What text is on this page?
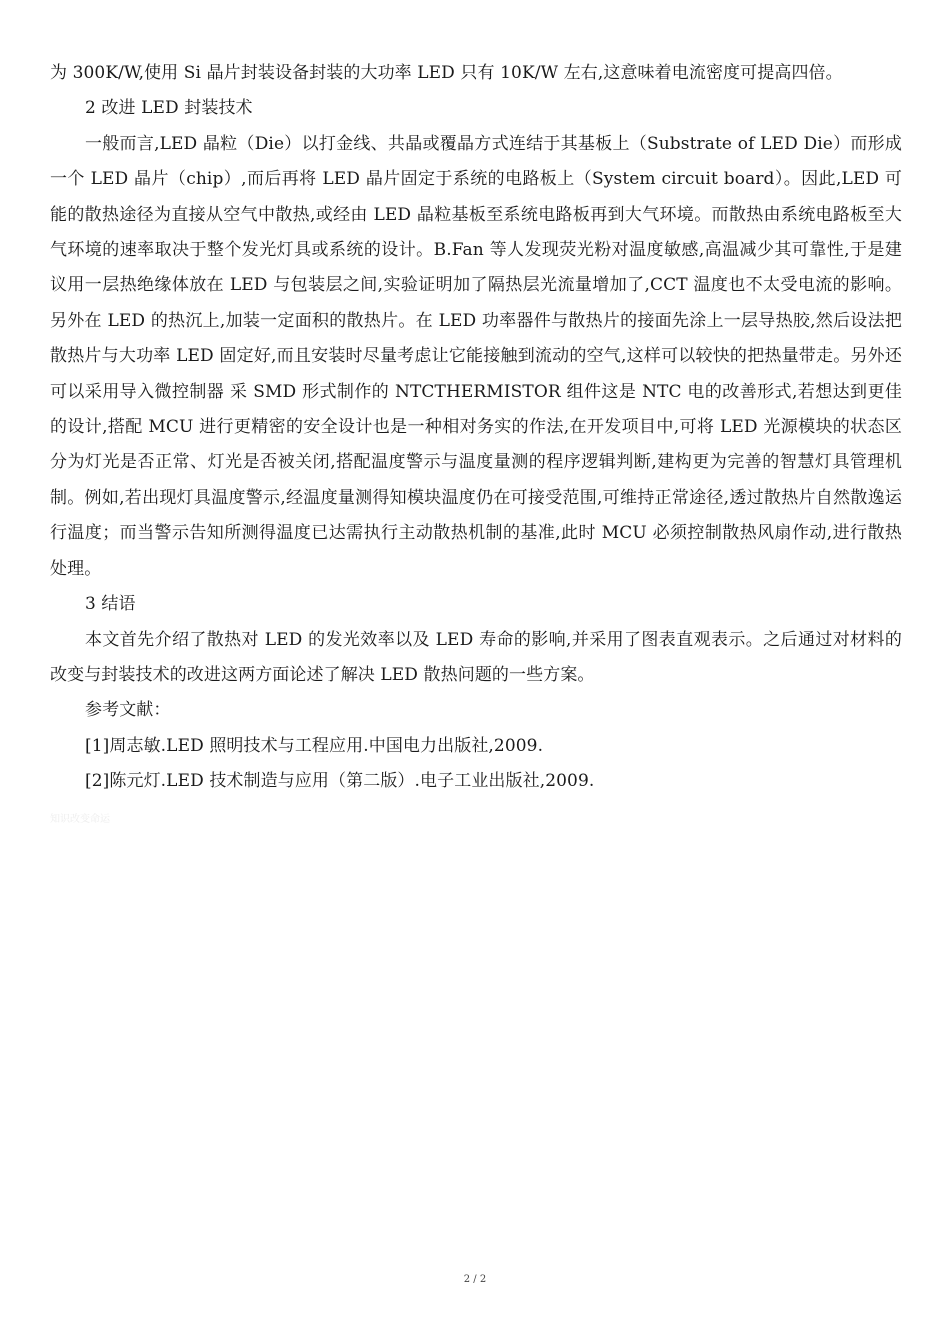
为 300K/W,使用 Si 晶片封装设备封装的大功率 LED 只有 10K/W 左右,这意味着电流密度可提高四倍。

2 改进 LED 封装技术

一般而言,LED 晶粒（Die）以打金线、共晶或覆晶方式连结于其基板上（Substrate of LED Die）而形成一个 LED 晶片（chip）,而后再将 LED 晶片固定于系统的电路板上（System circuit board）。因此,LED 可能的散热途径为直接从空气中散热,或经由 LED 晶粒基板至系统电路板再到大气环境。而散热由系统电路板至大气环境的速率取决于整个发光灯具或系统的设计。B.Fan 等人发现荧光粉对温度敏感,高温减少其可靠性,于是建议用一层热绝缘体放在 LED 与包装层之间,实验证明加了隔热层光流量增加了,CCT 温度也不太受电流的影响。另外在 LED 的热沉上,加装一定面积的散热片。在 LED 功率器件与散热片的接面先涂上一层导热胶,然后设法把散热片与大功率 LED 固定好,而且安装时尽量考虑让它能接触到流动的空气,这样可以较快的把热量带走。另外还可以采用导入微控制器 采 SMD 形式制作的 NTCTHERMISTOR 组件这是 NTC 电的改善形式,若想达到更佳的设计,搭配 MCU 进行更精密的安全设计也是一种相对务实的作法,在开发项目中,可将 LED 光源模块的状态区分为灯光是否正常、灯光是否被关闭,搭配温度警示与温度量测的程序逻辑判断,建构更为完善的智慧灯具管理机制。例如,若出现灯具温度警示,经温度量测得知模块温度仍在可接受范围,可维持正常途径,透过散热片自然散逸运行温度；而当警示告知所测得温度已达需执行主动散热机制的基准,此时 MCU 必须控制散热风扇作动,进行散热处理。

3 结语

本文首先介绍了散热对 LED 的发光效率以及 LED 寿命的影响,并采用了图表直观表示。之后通过对材料的改变与封装技术的改进这两方面论述了解决 LED 散热问题的一些方案。

参考文献：

[1]周志敏.LED 照明技术与工程应用.中国电力出版社,2009.

[2]陈元灯.LED 技术制造与应用（第二版）.电子工业出版社,2009.

知识改变命运
2 / 2
